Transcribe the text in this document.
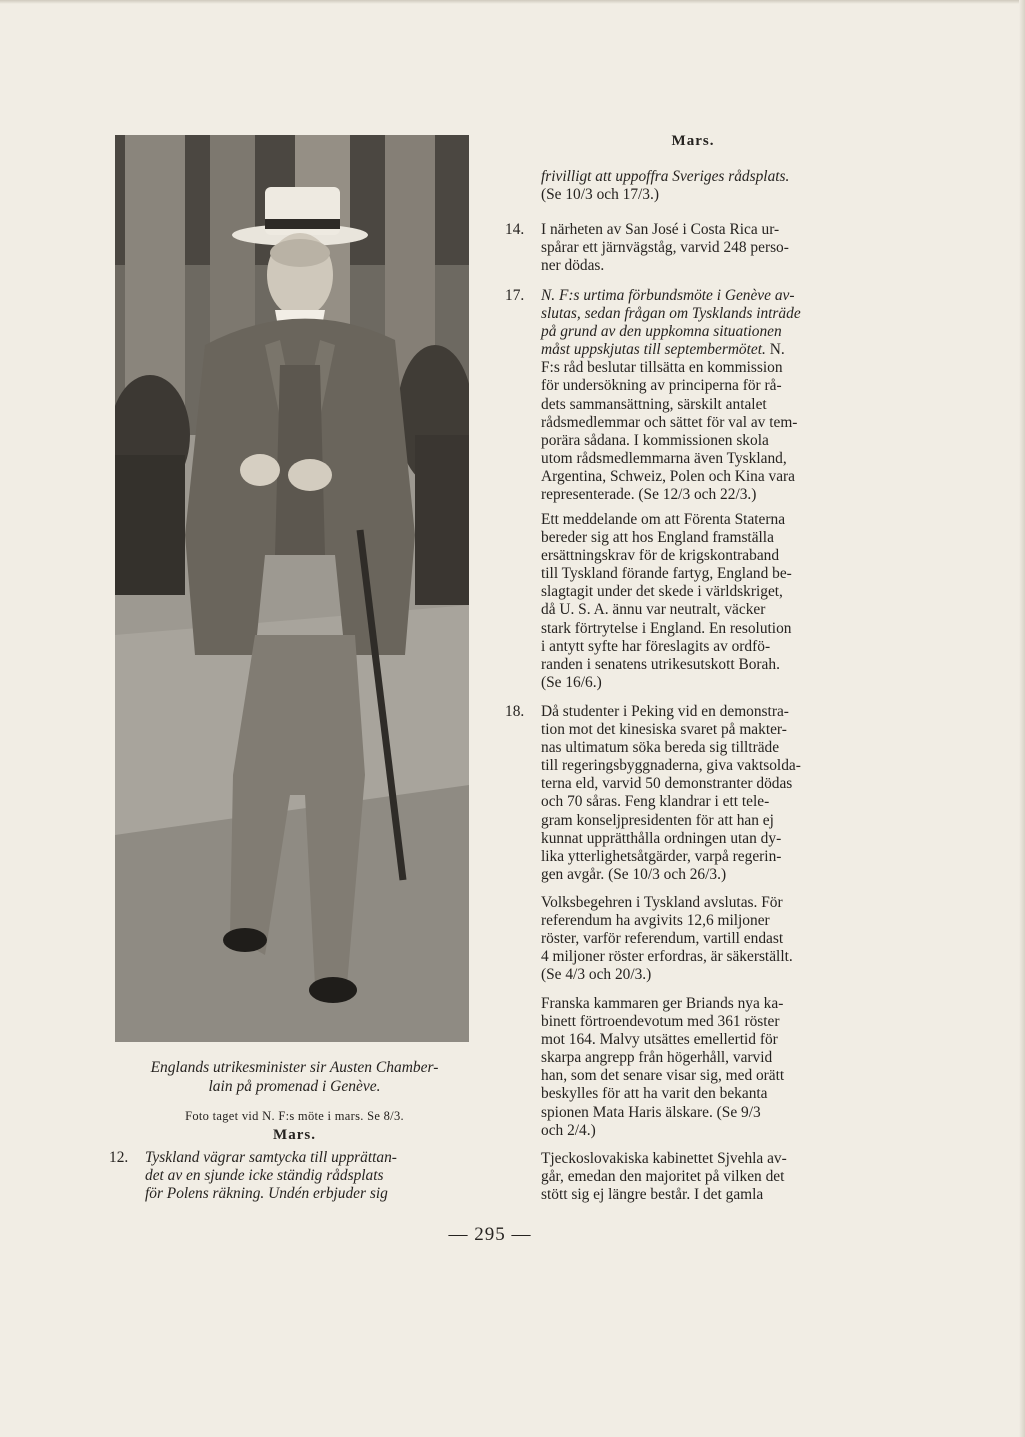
Englands utrikesminister sir Austen Chamber-
lain på promenad i Genève.
Foto taget vid N. F:s möte i mars. Se 8/3.
Mars.
12. Tyskland vägrar samtycka till upprättan-
det av en sjunde icke ständig rådsplats
för Polens räkning. Undén erbjuder sig
Mars.
frivilligt att uppoffra Sveriges rådsplats.
(Se 10/3 och 17/3.)
14. I närheten av San José i Costa Rica ur-
spårar ett järnvägståg, varvid 248 perso-
ner dödas.
17. N. F:s urtima förbundsmöte i Genève av-
slutas, sedan frågan om Tysklands inträde
på grund av den uppkomna situationen
måst uppskjutas till septembermötet. N.
F:s råd beslutar tillsätta en kommission
för undersökning av principerna för rå-
dets sammansättning, särskilt antalet
rådsmedlemmar och sättet för val av tem-
porära sådana. I kommissionen skola
utom rådsmedlemmarna även Tyskland,
Argentina, Schweiz, Polen och Kina vara
representerade. (Se 12/3 och 22/3.)
Ett meddelande om att Förenta Staterna
bereder sig att hos England framställa
ersättningskrav för de krigskontraband
till Tyskland förande fartyg, England be-
slagtagit under det skede i världskriget,
då U. S. A. ännu var neutralt, väcker
stark förtrytelse i England. En resolution
i antytt syfte har föreslagits av ordfö-
randen i senatens utrikesutskott Borah.
(Se 16/6.)
18. Då studenter i Peking vid en demonstra-
tion mot det kinesiska svaret på makter-
nas ultimatum söka bereda sig tillträde
till regeringsbyggnaderna, giva vaktsolda-
terna eld, varvid 50 demonstranter dödas
och 70 såras. Feng klandrar i ett tele-
gram konseljpresidenten för att han ej
kunnat upprätthålla ordningen utan dy-
lika ytterlighetsåtgärder, varpå regerin-
gen avgår. (Se 10/3 och 26/3.)
Volksbegehren i Tyskland avslutas. För
referendum ha avgivits 12,6 miljoner
röster, varför referendum, vartill endast
4 miljoner röster erfordras, är säkerställt.
(Se 4/3 och 20/3.)
Franska kammaren ger Briands nya ka-
binett förtroendevotum med 361 röster
mot 164. Malvy utsättes emellertid för
skarpa angrepp från högerhåll, varvid
han, som det senare visar sig, med orätt
beskylles för att ha varit den bekanta
spionen Mata Haris älskare. (Se 9/3
och 2/4.)
Tjeckoslovakiska kabinettet Sjvehla av-
går, emedan den majoritet på vilken det
stött sig ej längre består. I det gamla
— 295 —
